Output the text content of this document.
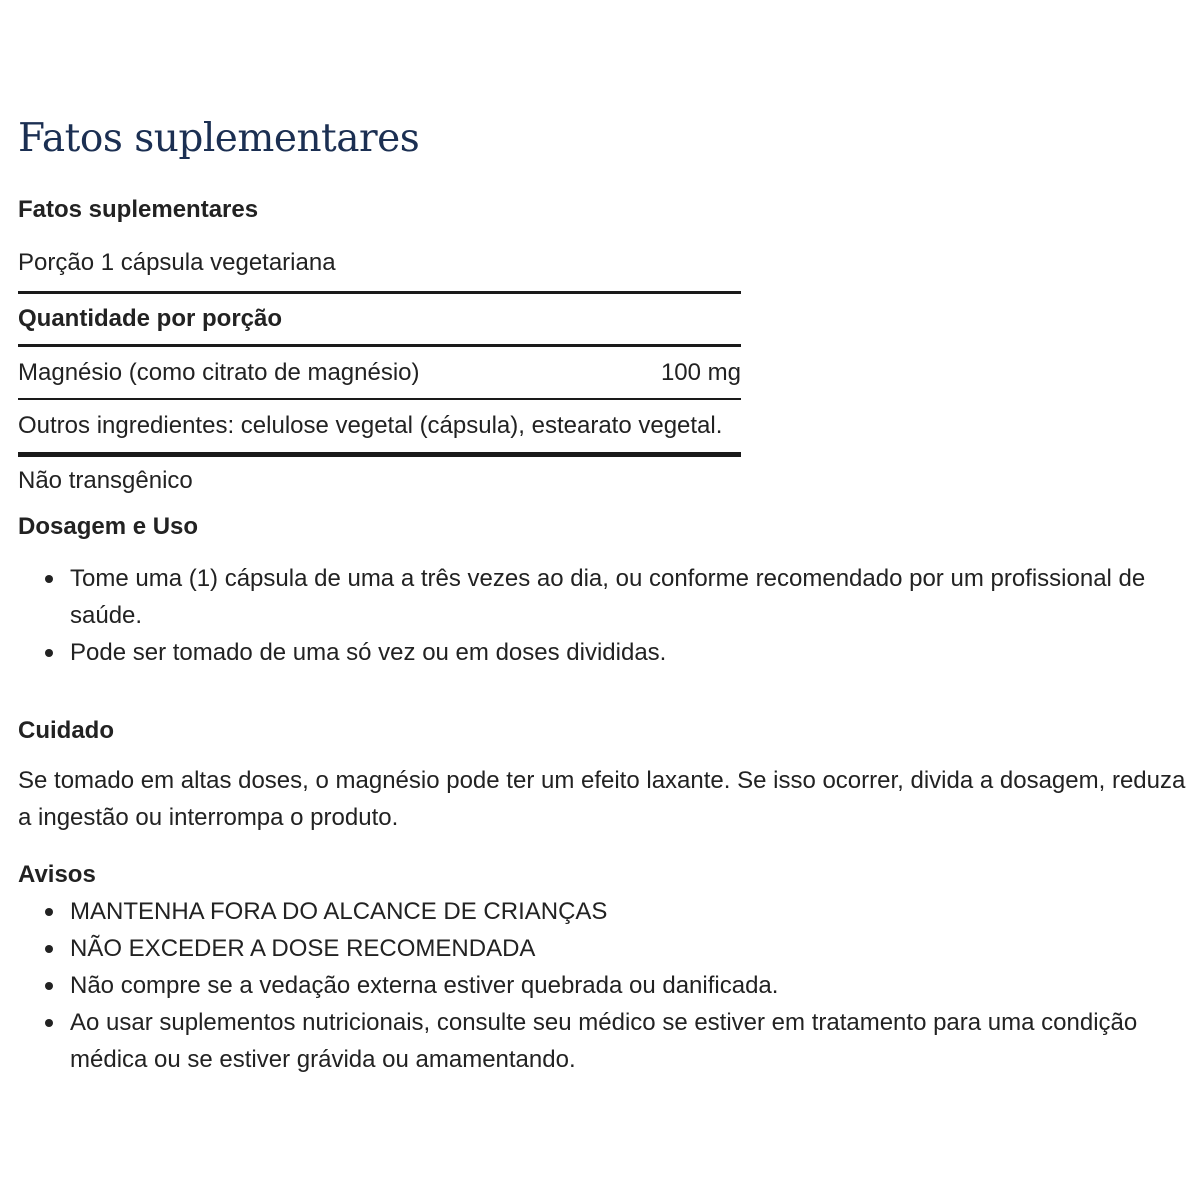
Fatos suplementares
Fatos suplementares
Porção 1 cápsula vegetariana
Quantidade por porção
Magnésio (como citrato de magnésio)	100 mg
Outros ingredientes: celulose vegetal (cápsula), estearato vegetal.
Não transgênico
Dosagem e Uso
Tome uma (1) cápsula de uma a três vezes ao dia, ou conforme recomendado por um profissional de saúde.
Pode ser tomado de uma só vez ou em doses divididas.
Cuidado

Se tomado em altas doses, o magnésio pode ter um efeito laxante. Se isso ocorrer, divida a dosagem, reduza a ingestão ou interrompa o produto.

Avisos
MANTENHA FORA DO ALCANCE DE CRIANÇAS
NÃO EXCEDER A DOSE RECOMENDADA
Não compre se a vedação externa estiver quebrada ou danificada.
Ao usar suplementos nutricionais, consulte seu médico se estiver em tratamento para uma condição médica ou se estiver grávida ou amamentando.
